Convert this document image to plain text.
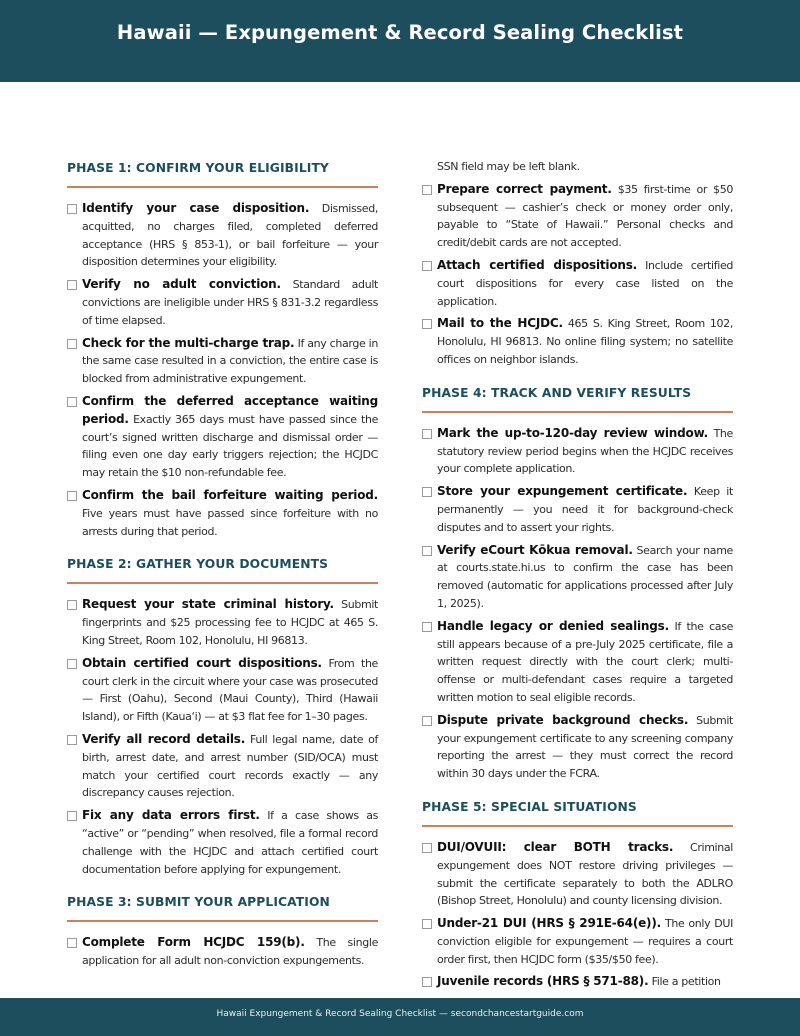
Hawaii — Expungement & Record Sealing Checklist
PHASE 1: CONFIRM YOUR ELIGIBILITY

Identify your case disposition. Dismissed, acquitted, no charges filed, completed deferred acceptance (HRS § 853-1), or bail forfeiture — your disposition determines your eligibility.

Verify no adult conviction. Standard adult convictions are ineligible under HRS § 831-3.2 regardless of time elapsed.

Check for the multi-charge trap. If any charge in the same case resulted in a conviction, the entire case is blocked from administrative expungement.

Confirm the deferred acceptance waiting period. Exactly 365 days must have passed since the court’s signed written discharge and dismissal order — filing even one day early triggers rejection; the HCJDC may retain the $10 non-refundable fee.

Confirm the bail forfeiture waiting period. Five years must have passed since forfeiture with no arrests during that period.

PHASE 2: GATHER YOUR DOCUMENTS

Request your state criminal history. Submit fingerprints and $25 processing fee to HCJDC at 465 S. King Street, Room 102, Honolulu, HI 96813.

Obtain certified court dispositions. From the court clerk in the circuit where your case was prosecuted — First (Oahu), Second (Maui County), Third (Hawaii Island), or Fifth (Kaua‘i) — at $3 flat fee for 1–30 pages.

Verify all record details. Full legal name, date of birth, arrest date, and arrest number (SID/OCA) must match your certified court records exactly — any discrepancy causes rejection.

Fix any data errors first. If a case shows as “active” or “pending” when resolved, file a formal record challenge with the HCJDC and attach certified court documentation before applying for expungement.

PHASE 3: SUBMIT YOUR APPLICATION

Complete Form HCJDC 159(b). The single application for all adult non-conviction expungements.

SSN field may be left blank.

Prepare correct payment. $35 first-time or $50 subsequent — cashier’s check or money order only, payable to “State of Hawaii.” Personal checks and credit/debit cards are not accepted.

Attach certified dispositions. Include certified court dispositions for every case listed on the application.

Mail to the HCJDC. 465 S. King Street, Room 102, Honolulu, HI 96813. No online filing system; no satellite offices on neighbor islands.

PHASE 4: TRACK AND VERIFY RESULTS

Mark the up-to-120-day review window. The statutory review period begins when the HCJDC receives your complete application.

Store your expungement certificate. Keep it permanently — you need it for background-check disputes and to assert your rights.

Verify eCourt Kōkua removal. Search your name at courts.state.hi.us to confirm the case has been removed (automatic for applications processed after July 1, 2025).

Handle legacy or denied sealings. If the case still appears because of a pre-July 2025 certificate, file a written request directly with the court clerk; multi-offense or multi-defendant cases require a targeted written motion to seal eligible records.

Dispute private background checks. Submit your expungement certificate to any screening company reporting the arrest — they must correct the record within 30 days under the FCRA.

PHASE 5: SPECIAL SITUATIONS

DUI/OVUII: clear BOTH tracks. Criminal expungement does NOT restore driving privileges — submit the certificate separately to both the ADLRO (Bishop Street, Honolulu) and county licensing division.

Under-21 DUI (HRS § 291E-64(e)). The only DUI conviction eligible for expungement — requires a court order first, then HCJDC form ($35/$50 fee).

Juvenile records (HRS § 571-88). File a petition

Hawaii Expungement & Record Sealing Checklist — secondchancestartguide.com
